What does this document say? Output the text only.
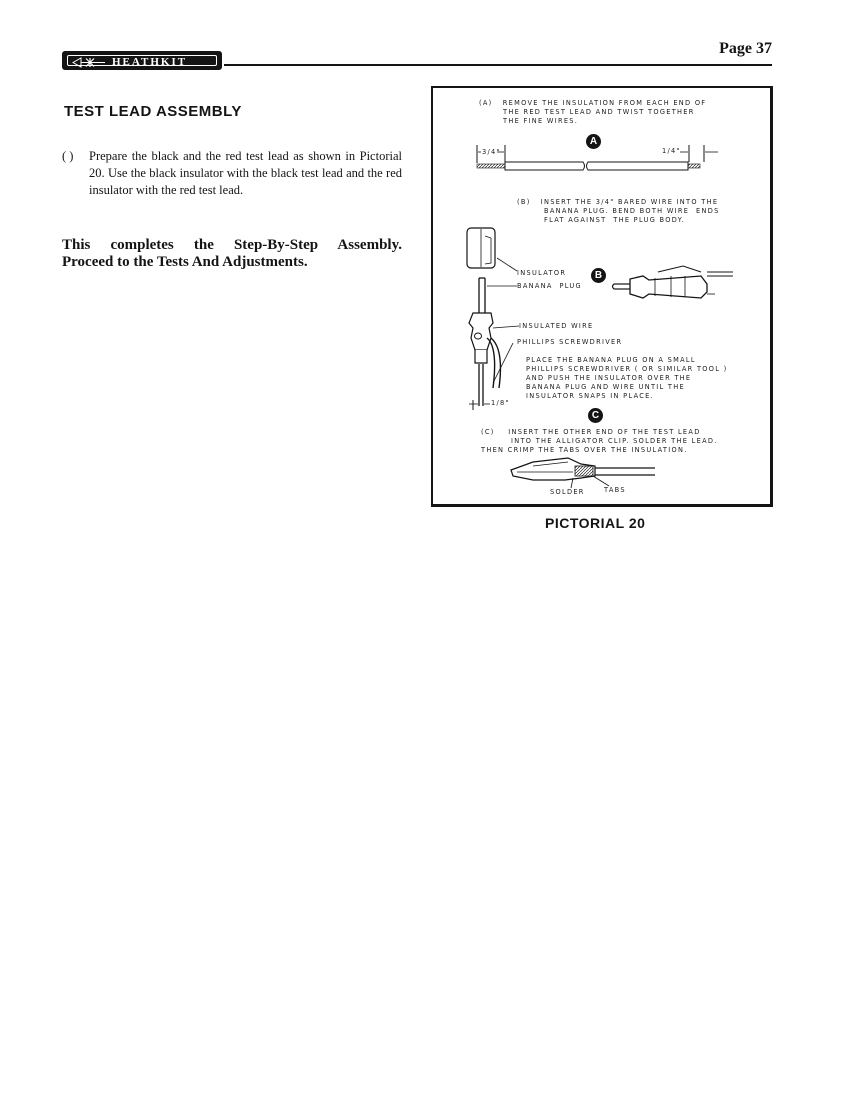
HEATHKIT
Page 37
TEST LEAD ASSEMBLY
( ) Prepare the black and the red test lead as shown in Pictorial 20. Use the black insulator with the black test lead and the red insulator with the red test lead.
This completes the Step-By-Step Assembly.
Proceed to the Tests And Adjustments.
(A)   REMOVE THE INSULATION FROM EACH END OF
THE RED TEST LEAD AND TWIST TOGETHER
THE FINE WIRES.
A
3/4"	1/4"
(B)   INSERT THE 3/4" BARED WIRE INTO THE
BANANA PLUG. BEND BOTH WIRE  ENDS
FLAT AGAINST  THE PLUG BODY.
INSULATOR	B
BANANA  PLUG
INSULATED WIRE
PHILLIPS SCREWDRIVER
PLACE THE BANANA PLUG ON A SMALL
PHILLIPS SCREWDRIVER ( OR SIMILAR TOOL )
AND PUSH THE INSULATOR OVER THE
BANANA PLUG AND WIRE UNTIL THE
INSULATOR SNAPS IN PLACE.
1/8"
C
(C)    INSERT THE OTHER END OF THE TEST LEAD
INTO THE ALLIGATOR CLIP. SOLDER THE LEAD.
THEN CRIMP THE TABS OVER THE INSULATION.
SOLDER	TABS
PICTORIAL 20
